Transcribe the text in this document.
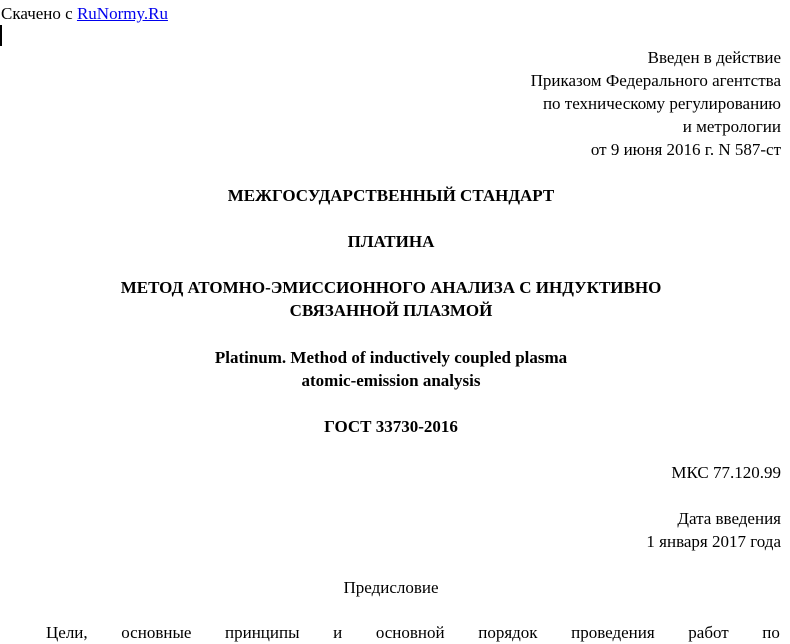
Скачено с RuNormy.Ru
Введен в действие
Приказом Федерального агентства
по техническому регулированию
и метрологии
от 9 июня 2016 г. N 587-ст
МЕЖГОСУДАРСТВЕННЫЙ СТАНДАРТ
ПЛАТИНА
МЕТОД АТОМНО-ЭМИССИОННОГО АНАЛИЗА С ИНДУКТИВНО
СВЯЗАННОЙ ПЛАЗМОЙ
Platinum. Method of inductively coupled plasma
atomic-emission analysis
ГОСТ 33730-2016
МКС 77.120.99
Дата введения
1 января 2017 года
Предисловие
Цели, основные принципы и основной порядок проведения работ по
